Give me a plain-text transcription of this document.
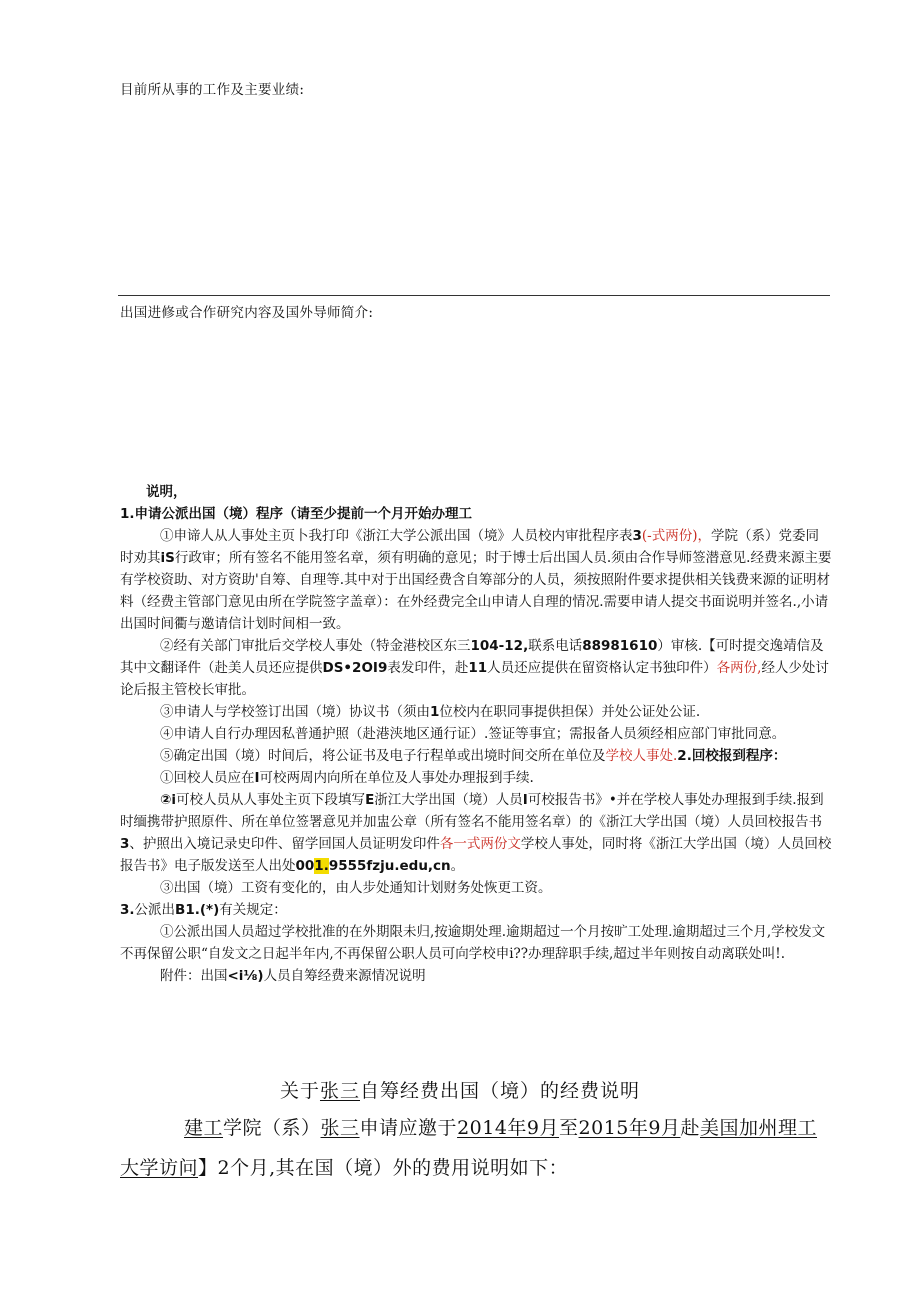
目前所从事的工作及主要业绩:
出国进修或合作研究内容及国外导师简介:

说明，

1.申请公派出国（境）程序（请至少提前一个月开始办理工

①申谛人从人事处主页卜我打印《浙江大学公派出国（境》人员校内审批程序表3(-式两份)，学院（系）党委同时劝其iS行政审；所有签名不能用签名章，须有明确的意见；时于博士后出国人员.须由合作导师签潜意见.经费来源主要有学校资助、对方资助'自筹、自理等.其中对于出国经费含自筹部分的人员，须按照附件要求提供相关钱费来源的证明材料（经费主管部门意见由所在学院签字盖章）：在外经费完全山申请人自理的情况.需要申请人提交书面说明并签名.,小请出国时间衢与邀请信计划时间相一致。

②经有关部门审批后交学校人事处（特金港校区东三104-12,联系电话88981610）审核.【可时提交逸靖信及其中文翻译件（赴美人员还应提供DS•2OI9表发印件，赴11人员还应提供在留资格认定书独印件）各两份,经人少处讨论后报主管校长审批。

③申请人与学校签订出国（境）协议书（须由1位校内在职同事提供担保）并处公证处公证.

④申请人自行办理因私普通护照（赴港浃地区通行证）.签证等事宜；需报备人员须经相应部门审批同意。

⑤确定出国（境）时间后，将公证书及电子行程单或出境时间交所在单位及学校人事处.2.回校报到程序：

①回校人员应在I可校两周内向所在单位及人事处办理报到手续.

②i可校人员从人事处主页下段填写E浙江大学出国（境）人员I可校报告书》•并在学校人事处办理报到手续.报到时缅携带护照原件、所在单位签署意见并加盅公章（所有签名不能用签名章）的《浙江大学出国（境）人员回校报告书3、护照出入境记录史印件、留学回国人员证明发印件各一式两份文学校人事处，同时将《浙江大学出国（境）人员回校报告书》电子版发送至人出处001.9555fzju.edu,cn。

③出国（境）工资有变化的，由人步处通知计划财务处恢更工资。

3.公派出B1.(*)有关规定：

①公派出国人员超过学校批准的在外期限未归,按逾期处理.逾期超过一个月按旷工处理.逾期超过三个月,学校发文不再保留公职“自发文之日起半年内,不再保留公职人员可向学校申i??办理辞职手续,超过半年则按自动离联处叫!.

附件：出国<i⅛)人员自筹经费来源情况说明

关于张三自筹经费出国（境）的经费说明

建工学院（系）张三申请应邀于2014年9月至2015年9月赴美国加州理工大学访问】2个月,其在国（境）外的费用说明如下：
